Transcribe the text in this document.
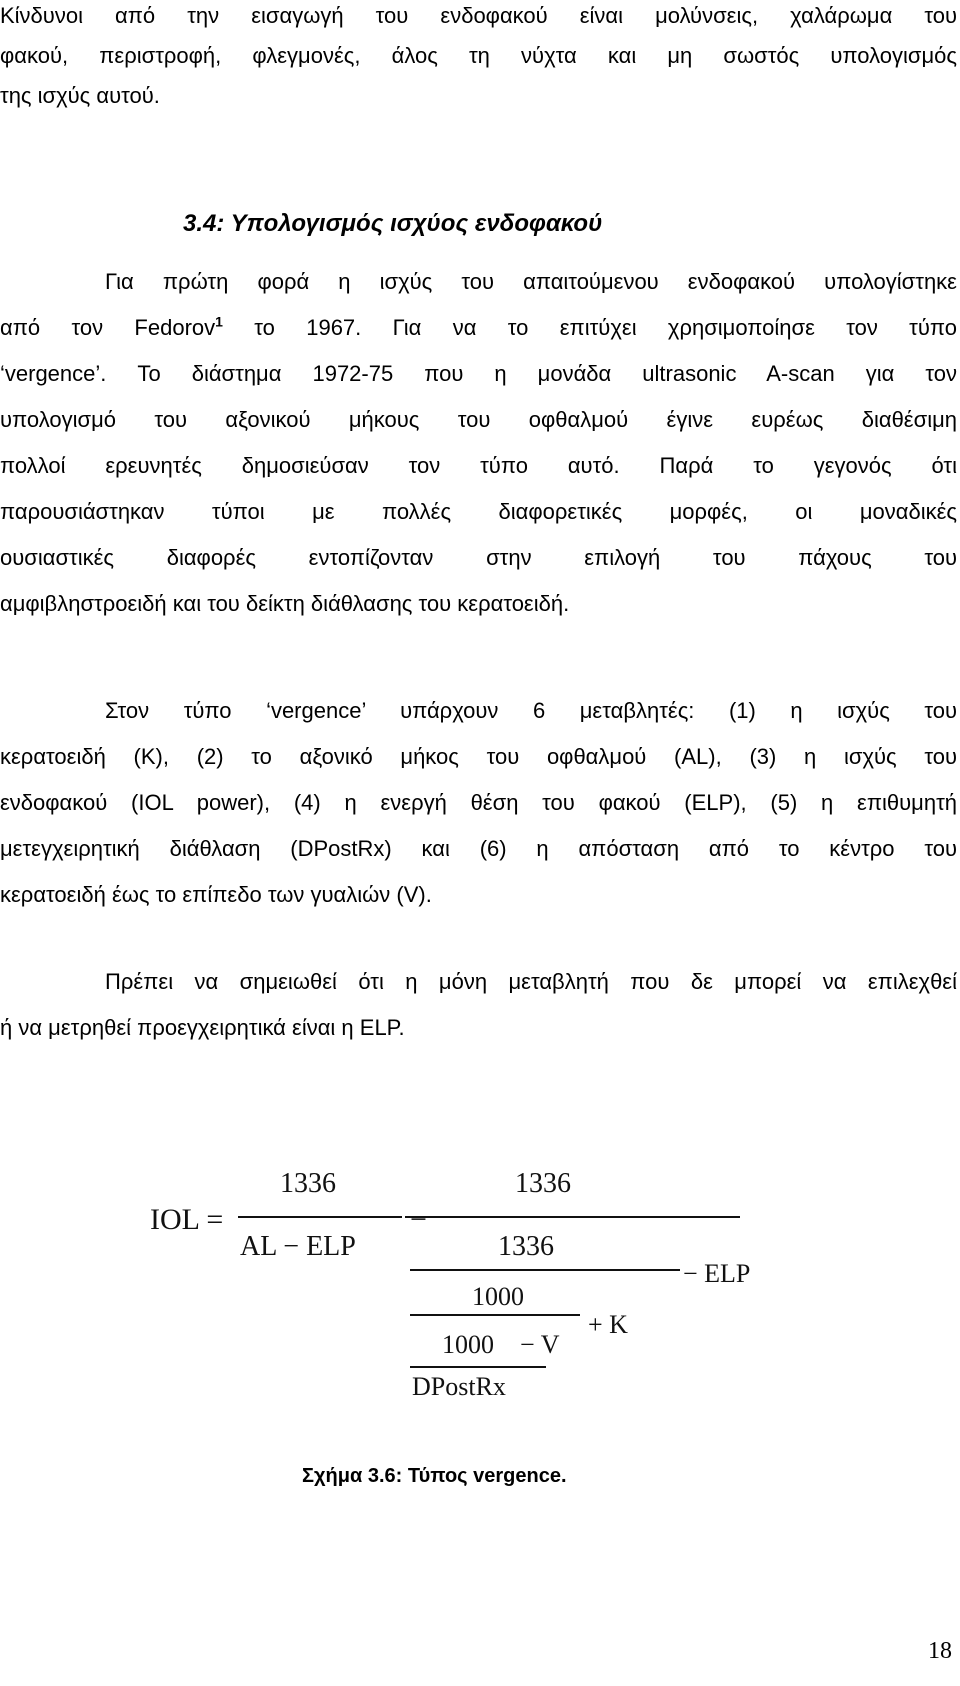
Κίνδυνοι από την εισαγωγή του ενδοφακού είναι μολύνσεις, χαλάρωμα του
φακού, περιστροφή, φλεγμονές, άλος τη νύχτα και μη σωστός υπολογισμός
της ισχύς αυτού.
3.4: Υπολογισμός ισχύος ενδοφακού
Για πρώτη φορά η ισχύς του απαιτούμενου ενδοφακού υπολογίστηκε
από τον Fedorov$^1$ το 1967. Για να το επιτύχει χρησιμοποίησε τον τύπο
‘vergence’. Το διάστημα 1972-75 που η μονάδα ultrasonic A-scan για τον
υπολογισμό του αξονικού μήκους του οφθαλμού έγινε ευρέως διαθέσιμη
πολλοί ερευνητές δημοσιεύσαν τον τύπο αυτό. Παρά το γεγονός ότι
παρουσιάστηκαν τύποι με πολλές διαφορετικές μορφές, οι μοναδικές
ουσιαστικές διαφορές εντοπίζονταν στην επιλογή του πάχους του
αμφιβληστροειδή και του δείκτη διάθλασης του κερατοειδή.
Στον τύπο ‘vergence’ υπάρχουν 6 μεταβλητές: (1) η ισχύς του
κερατοειδή (K), (2) το αξονικό μήκος του οφθαλμού (AL), (3) η ισχύς του
ενδοφακού (IOL power), (4) η ενεργή θέση του φακού (ELP), (5) η επιθυμητή
μετεγχειρητική διάθλαση (DPostRx) και (6) η απόσταση από το κέντρο του
κερατοειδή έως το επίπεδο των γυαλιών (V).
Πρέπει να σημειωθεί ότι η μόνη μεταβλητή που δε μπορεί να επιλεχθεί
ή να μετρηθεί προεγχειρητικά είναι η ELP.
IOL =
1336
AL − ELP
−
1336
1336
− ELP
1000
+ K
1000 − V
DPostRx
Σχήμα 3.6: Τύπος vergence.
18
